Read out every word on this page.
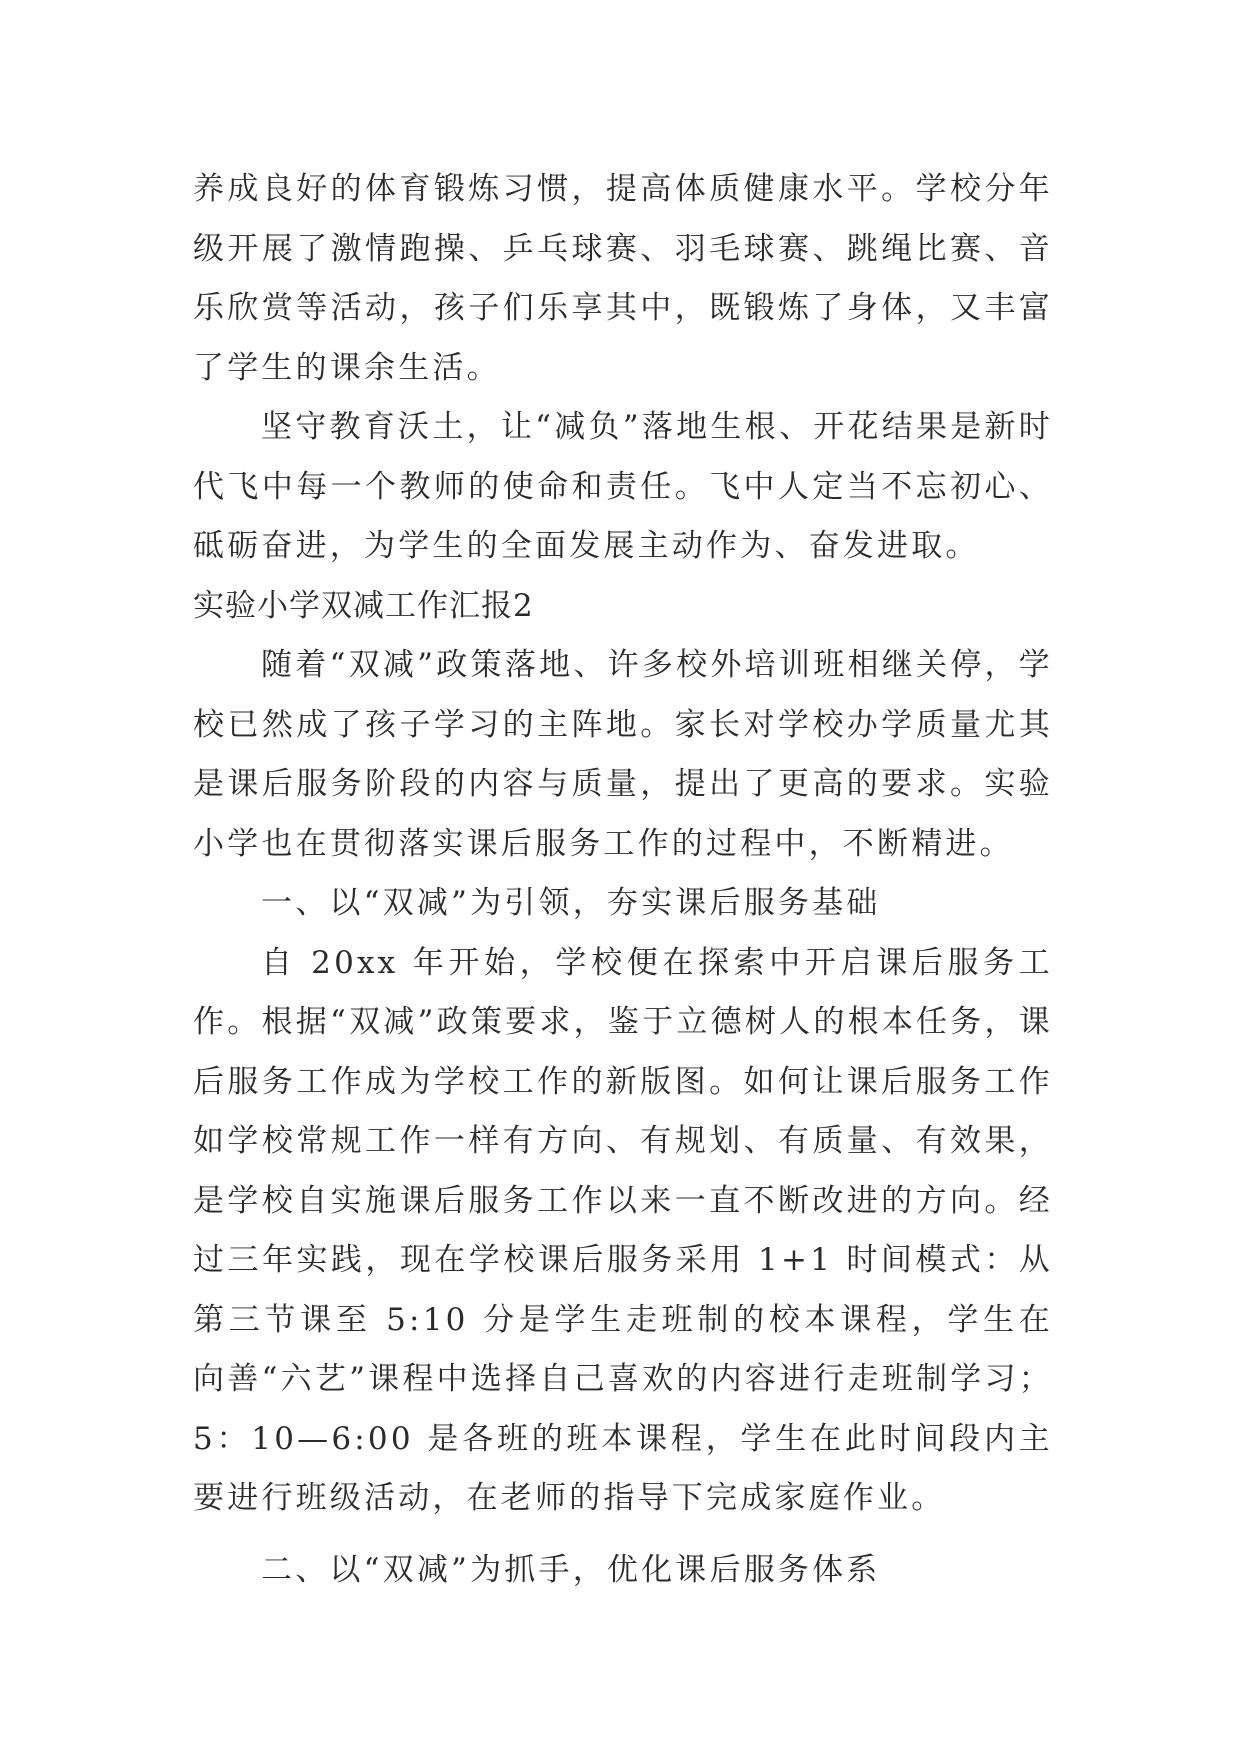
养成良好的体育锻炼习惯，提高体质健康水平。学校分年级开展了激情跑操、乒乓球赛、羽毛球赛、跳绳比赛、音乐欣赏等活动，孩子们乐享其中，既锻炼了身体，又丰富了学生的课余生活。

坚守教育沃土，让“减负”落地生根、开花结果是新时代飞中每一个教师的使命和责任。飞中人定当不忘初心、砥砺奋进，为学生的全面发展主动作为、奋发进取。

实验小学双减工作汇报2

随着“双减”政策落地、许多校外培训班相继关停，学校已然成了孩子学习的主阵地。家长对学校办学质量尤其是课后服务阶段的内容与质量，提出了更高的要求。实验小学也在贯彻落实课后服务工作的过程中，不断精进。

一、以“双减”为引领，夯实课后服务基础

自 20xx 年开始，学校便在探索中开启课后服务工作。根据“双减”政策要求，鉴于立德树人的根本任务，课后服务工作成为学校工作的新版图。如何让课后服务工作如学校常规工作一样有方向、有规划、有质量、有效果，是学校自实施课后服务工作以来一直不断改进的方向。经过三年实践，现在学校课后服务采用 1+1 时间模式：从第三节课至 5:10 分是学生走班制的校本课程，学生在向善“六艺”课程中选择自己喜欢的内容进行走班制学习；5：10—6:00 是各班的班本课程，学生在此时间段内主要进行班级活动，在老师的指导下完成家庭作业。

二、以“双减”为抓手，优化课后服务体系
